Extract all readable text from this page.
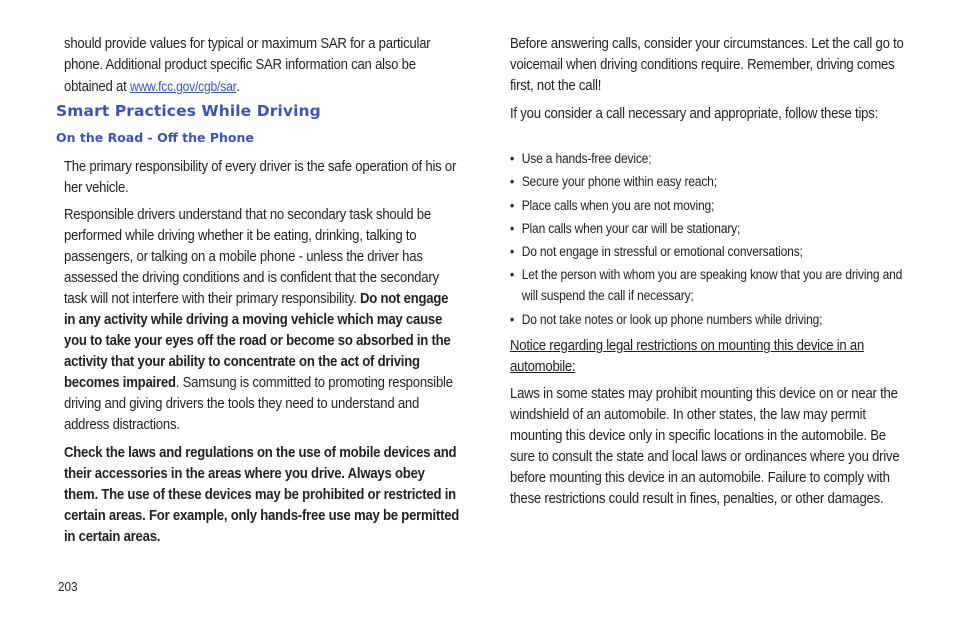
should provide values for typical or maximum SAR for a particular phone. Additional product specific SAR information can also be obtained at www.fcc.gov/cgb/sar.

Smart Practices While Driving
On the Road - Off the Phone

The primary responsibility of every driver is the safe operation of his or her vehicle.

Responsible drivers understand that no secondary task should be performed while driving whether it be eating, drinking, talking to passengers, or talking on a mobile phone - unless the driver has assessed the driving conditions and is confident that the secondary task will not interfere with their primary responsibility. Do not engage in any activity while driving a moving vehicle which may cause you to take your eyes off the road or become so absorbed in the activity that your ability to concentrate on the act of driving becomes impaired. Samsung is committed to promoting responsible driving and giving drivers the tools they need to understand and address distractions.

Check the laws and regulations on the use of mobile devices and their accessories in the areas where you drive. Always obey them. The use of these devices may be prohibited or restricted in certain areas. For example, only hands-free use may be permitted in certain areas.

Before answering calls, consider your circumstances. Let the call go to voicemail when driving conditions require. Remember, driving comes first, not the call!

If you consider a call necessary and appropriate, follow these tips:

• Use a hands-free device;
• Secure your phone within easy reach;
• Place calls when you are not moving;
• Plan calls when your car will be stationary;
• Do not engage in stressful or emotional conversations;
• Let the person with whom you are speaking know that you are driving and will suspend the call if necessary;
• Do not take notes or look up phone numbers while driving;

Notice regarding legal restrictions on mounting this device in an automobile:

Laws in some states may prohibit mounting this device on or near the windshield of an automobile. In other states, the law may permit mounting this device only in specific locations in the automobile. Be sure to consult the state and local laws or ordinances where you drive before mounting this device in an automobile. Failure to comply with these restrictions could result in fines, penalties, or other damages.

203
